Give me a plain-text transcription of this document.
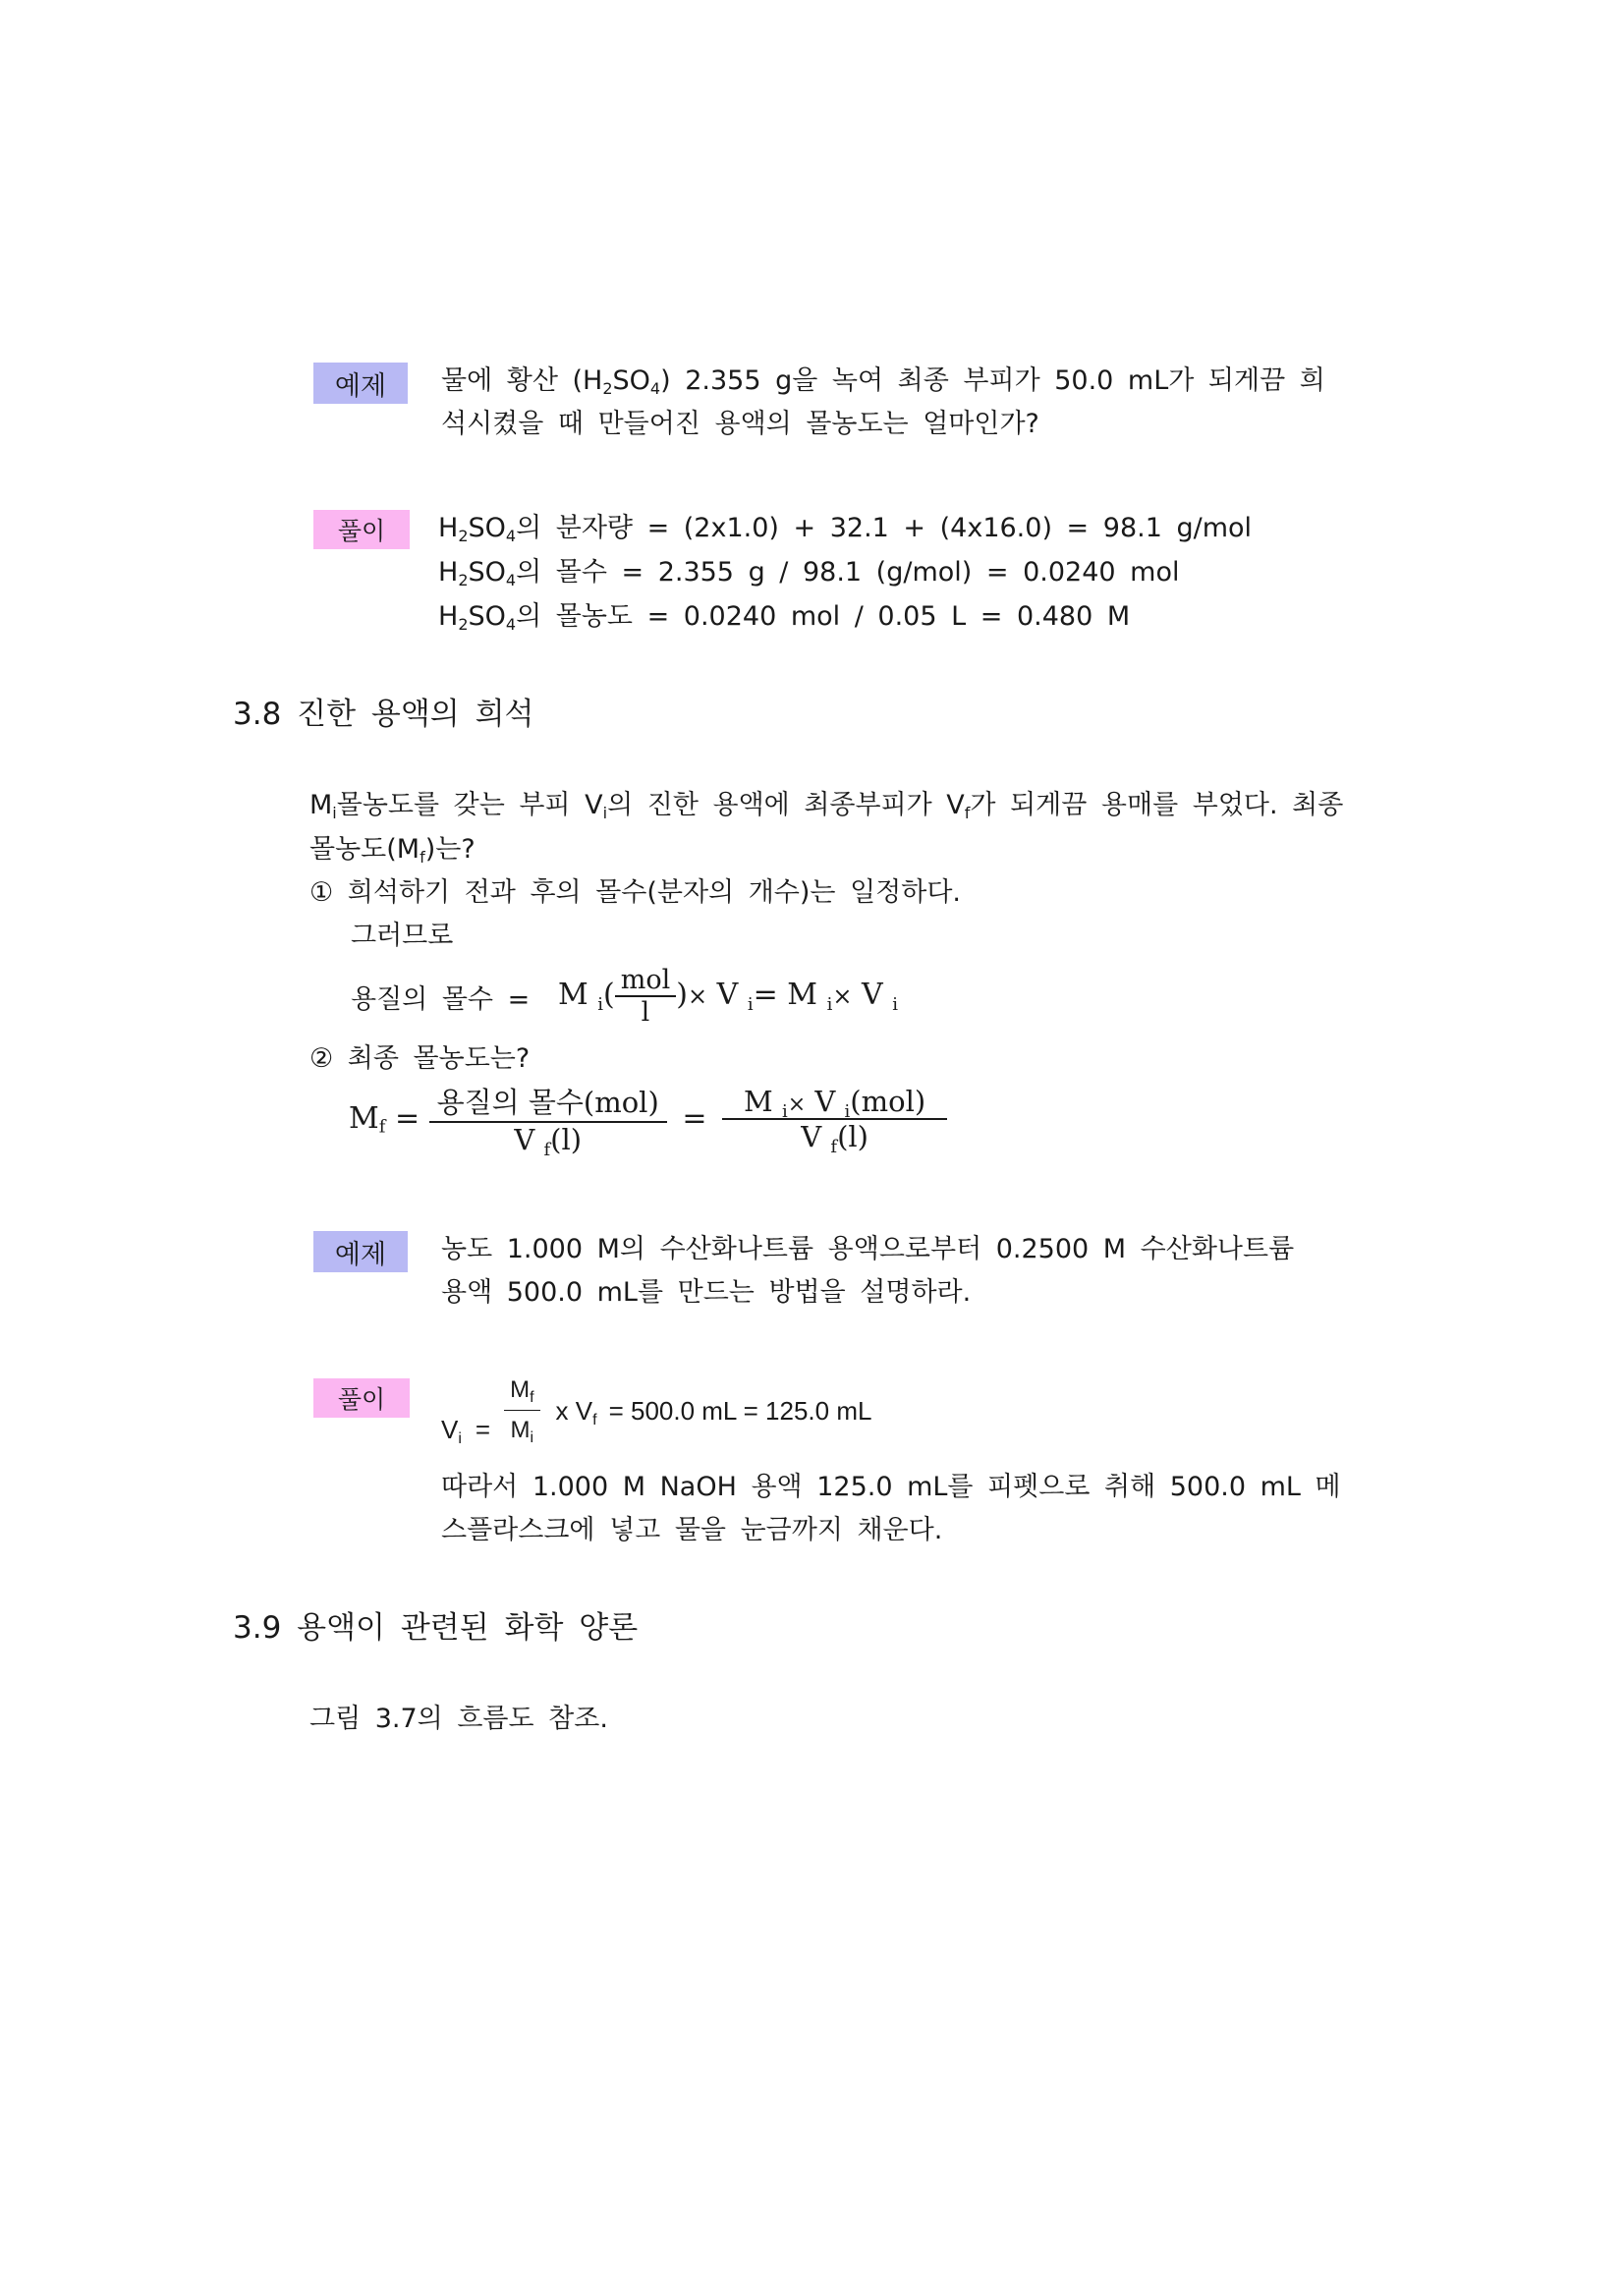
예제	물에 황산 $(H_2SO_4)$ 2.355 g을 녹여 최종 부피가 50.0 mL가 되게끔 희
석시켰을 때 만들어진 용액의 몰농도는 얼마인가?
풀이	$H_2SO_4$의 분자량 = (2x1.0) + 32.1 + (4x16.0) = 98.1 g/mol
$H_2SO_4$의 몰수 = 2.355 g / 98.1 (g/mol) = 0.0240 mol
$H_2SO_4$의 몰농도 = 0.0240 mol / 0.05 L = 0.480 M
3.8 진한 용액의 희석
$M_i$몰농도를 갖는 부피 $V_i$의 진한 용액에 최종부피가 $V_f$가 되게끔 용매를 부었다. 최종
몰농도$(M_f)$는?
① 희석하기 전과 후의 몰수(분자의 개수)는 일정하다.
그러므로
용질의 몰수 = M $_i( \frac{\text{mol}}{l}$ )× V $_i$= M $_i$× V $_i$
② 최종 몰농도는?
$M_f = \frac{\text{용질의 몰수(mol)}}{V _f(l)} = \frac{M _i\times V _i(mol)}{V _f(l)}$
예제	농도 1.000 M의 수산화나트륨 용액으로부터 0.2500 M 수산화나트륨
용액 500.0 mL를 만드는 방법을 설명하라.
풀이
$V_i = \frac{M_f}{M_i}$ x $V_f = 500.0$ mL = 125.0 mL
따라서 1.000 M NaOH 용액 125.0 mL를 피펫으로 취해 500.0 mL 메
스플라스크에 넣고 물을 눈금까지 채운다.
3.9 용액이 관련된 화학 양론
그림 3.7의 흐름도 참조.
